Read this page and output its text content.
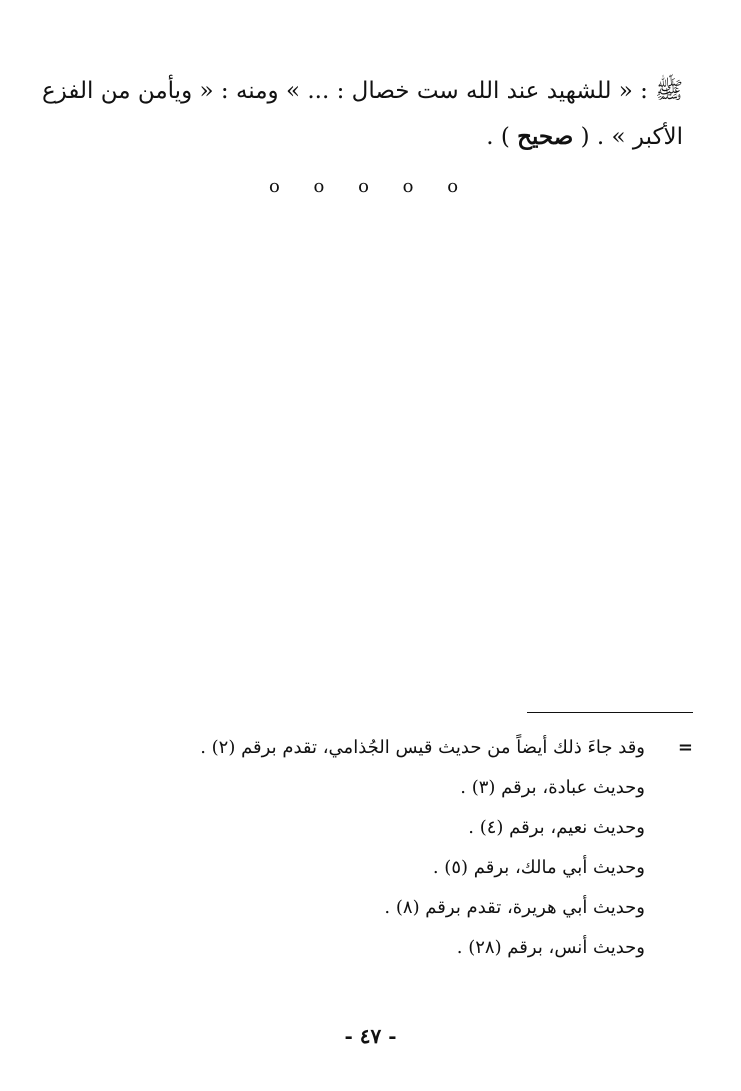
ﷺ : « للشهيد عند الله ست خصال : ... » ومنه : « ويأمن من الفزع
الأكبر » . ( صحيح ) .
o o o o o
=وقد جاءَ ذلك أيضاً من حديث قيس الجُذامي، تقدم برقم (٢) .
وحديث عبادة، برقم (٣) .
وحديث نعيم، برقم (٤) .
وحديث أبي مالك، برقم (٥) .
وحديث أبي هريرة، تقدم برقم (٨) .
وحديث أنس، برقم (٢٨) .
- ٤٧ -
